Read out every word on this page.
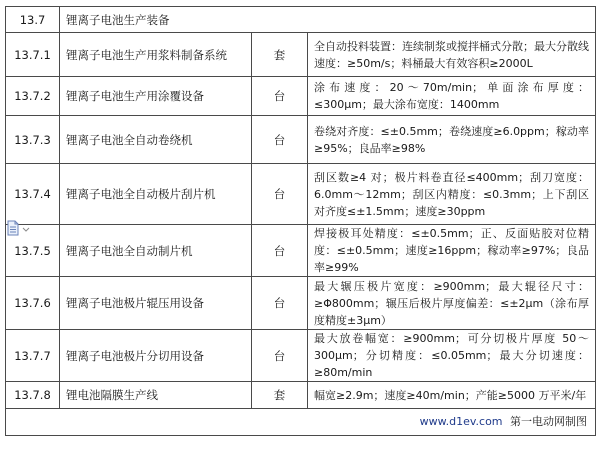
13.7	锂离子电池生产装备		
13.7.1	锂离子电池生产用浆料制备系统	套	全自动投料装置：连续制浆或搅拌桶式分散；最大分散线速度：≥50m/s；料桶最大有效容积≥2000L
13.7.2	锂离子电池生产用涂覆设备	台	涂布速度：20～70m/min；单面涂布厚度：≤300μm；最大涂布宽度：1400mm
13.7.3	锂离子电池全自动卷绕机	台	卷绕对齐度：≤±0.5mm；卷绕速度≥6.0ppm；稼动率≥95%；良品率≥98%
13.7.4	锂离子电池全自动极片刮片机	台	刮区数≥4 对；极片料卷直径≤400mm；刮刀宽度：6.0mm～12mm；刮区内精度：≤0.3mm；上下刮区对齐度≤±1.5mm；速度≥30ppm
13.7.5	锂离子电池全自动制片机	台	焊接极耳处精度：≤±0.5mm；正、反面贴胶对位精度：≤±0.5mm；速度≥16ppm；稼动率≥97%；良品率≥99%
13.7.6	锂离子电池极片辊压用设备	台	最大辗压极片宽度：≥900mm；最大辊径尺寸：≥Φ800mm；辗压后极片厚度偏差：≤±2μm（涂布厚度精度±3μm）
13.7.7	锂离子电池极片分切用设备	台	最大放卷幅宽：≥900mm；可分切极片厚度 50～300μm；分切精度：≤0.05mm；最大分切速度：≥80m/min
13.7.8	锂电池隔膜生产线	套	幅宽≥2.9m；速度≥40m/min；产能≥5000 万平米/年
www.d1ev.com 第一电动网制图			
